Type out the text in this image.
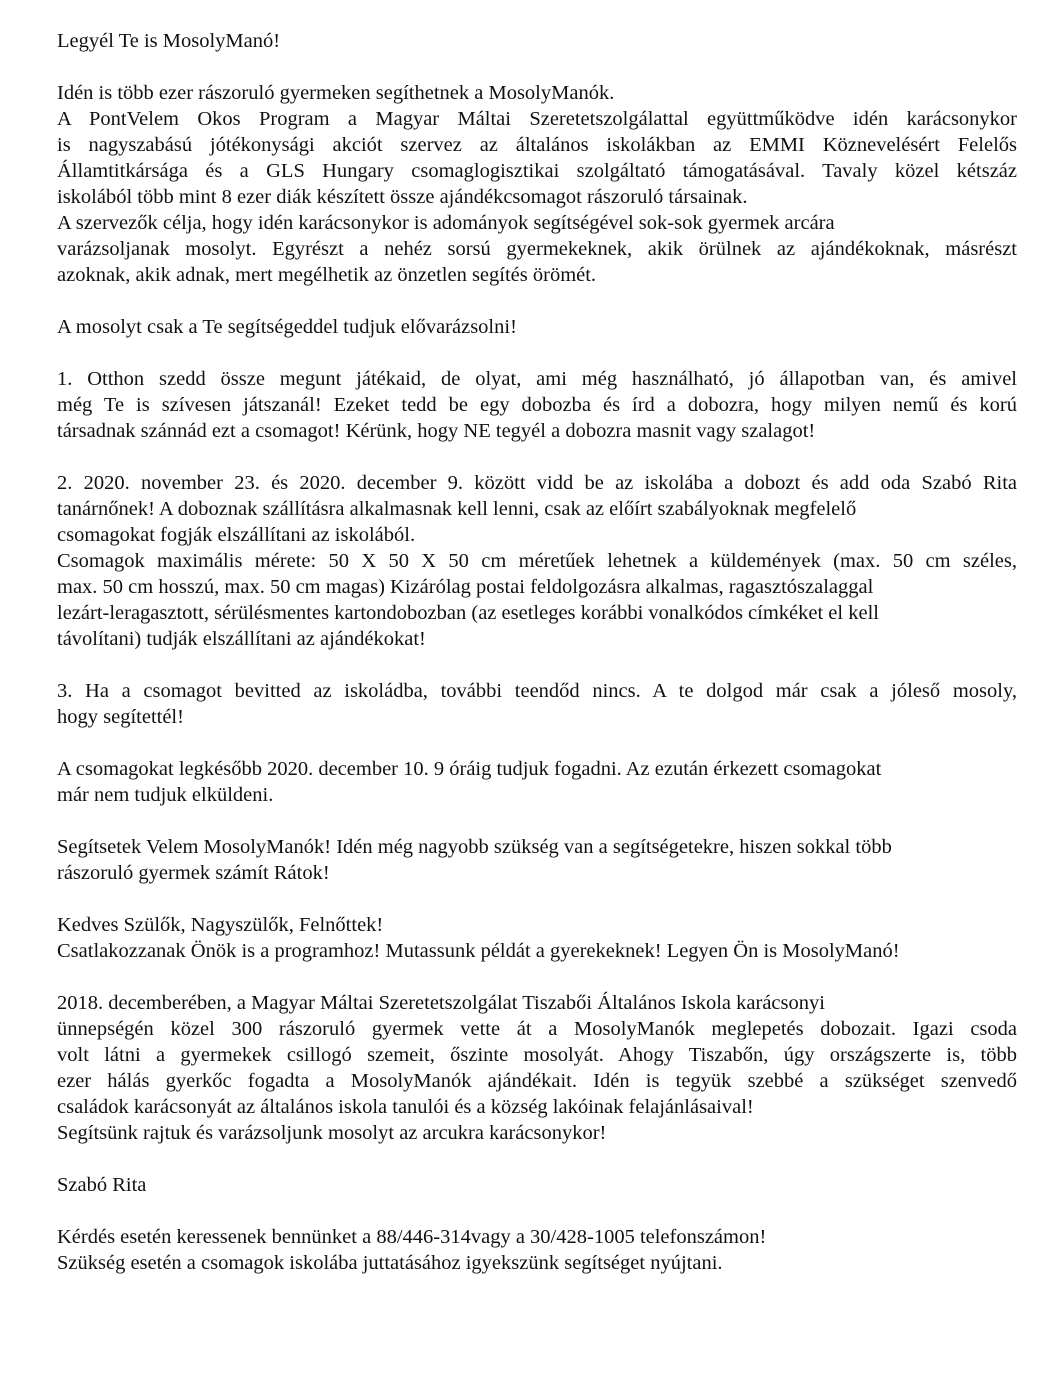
Legyél Te is MosolyManó!

Idén is több ezer rászoruló gyermeken segíthetnek a MosolyManók.
A PontVelem Okos Program a Magyar Máltai Szeretetszolgálattal együttműködve idén karácsonykor
is nagyszabású jótékonysági akciót szervez az általános iskolákban az EMMI Köznevelésért Felelős
Államtitkársága és a GLS Hungary csomaglogisztikai szolgáltató támogatásával. Tavaly közel kétszáz
iskolából több mint 8 ezer diák készített össze ajándékcsomagot rászoruló társainak.
A szervezők célja, hogy idén karácsonykor is adományok segítségével sok-sok gyermek arcára
varázsoljanak mosolyt. Egyrészt a nehéz sorsú gyermekeknek, akik örülnek az ajándékoknak, másrészt
azoknak, akik adnak, mert megélhetik az önzetlen segítés örömét.

A mosolyt csak a Te segítségeddel tudjuk elővarázsolni!

1. Otthon szedd össze megunt játékaid, de olyat, ami még használható, jó állapotban van, és amivel
még Te is szívesen játszanál! Ezeket tedd be egy dobozba és írd a dobozra, hogy milyen nemű és korú
társadnak szánnád ezt a csomagot! Kérünk, hogy NE tegyél a dobozra masnit vagy szalagot!

2. 2020. november 23. és 2020. december 9. között vidd be az iskolába a dobozt és add oda Szabó Rita
tanárnőnek! A doboznak szállításra alkalmasnak kell lenni, csak az előírt szabályoknak megfelelő
csomagokat fogják elszállítani az iskolából.
Csomagok maximális mérete: 50 X 50 X 50 cm méretűek lehetnek a küldemények (max. 50 cm széles,
max. 50 cm hosszú, max. 50 cm magas) Kizárólag postai feldolgozásra alkalmas, ragasztószalaggal
lezárt-leragasztott, sérülésmentes kartondobozban (az esetleges korábbi vonalkódos címkéket el kell
távolítani) tudják elszállítani az ajándékokat!

3. Ha a csomagot bevitted az iskoládba, további teendőd nincs. A te dolgod már csak a jóleső mosoly,
hogy segítettél!

A csomagokat legkésőbb 2020. december 10. 9 óráig tudjuk fogadni. Az ezután érkezett csomagokat
már nem tudjuk elküldeni.

Segítsetek Velem MosolyManók! Idén még nagyobb szükség van a segítségetekre, hiszen sokkal több
rászoruló gyermek számít Rátok!

Kedves Szülők, Nagyszülők, Felnőttek!
Csatlakozzanak Önök is a programhoz! Mutassunk példát a gyerekeknek! Legyen Ön is MosolyManó!

2018. decemberében, a Magyar Máltai Szeretetszolgálat Tiszabői Általános Iskola karácsonyi
ünnepségén közel 300 rászoruló gyermek vette át a MosolyManók meglepetés dobozait. Igazi csoda
volt látni a gyermekek csillogó szemeit, őszinte mosolyát. Ahogy Tiszabőn, úgy országszerte is, több
ezer hálás gyerkőc fogadta a MosolyManók ajándékait. Idén is tegyük szebbé a szükséget szenvedő
családok karácsonyát az általános iskola tanulói és a község lakóinak felajánlásaival!
Segítsünk rajtuk és varázsoljunk mosolyt az arcukra karácsonykor!

Szabó Rita

Kérdés esetén keressenek bennünket a 88/446-314vagy a 30/428-1005 telefonszámon!
Szükség esetén a csomagok iskolába juttatásához igyekszünk segítséget nyújtani.
